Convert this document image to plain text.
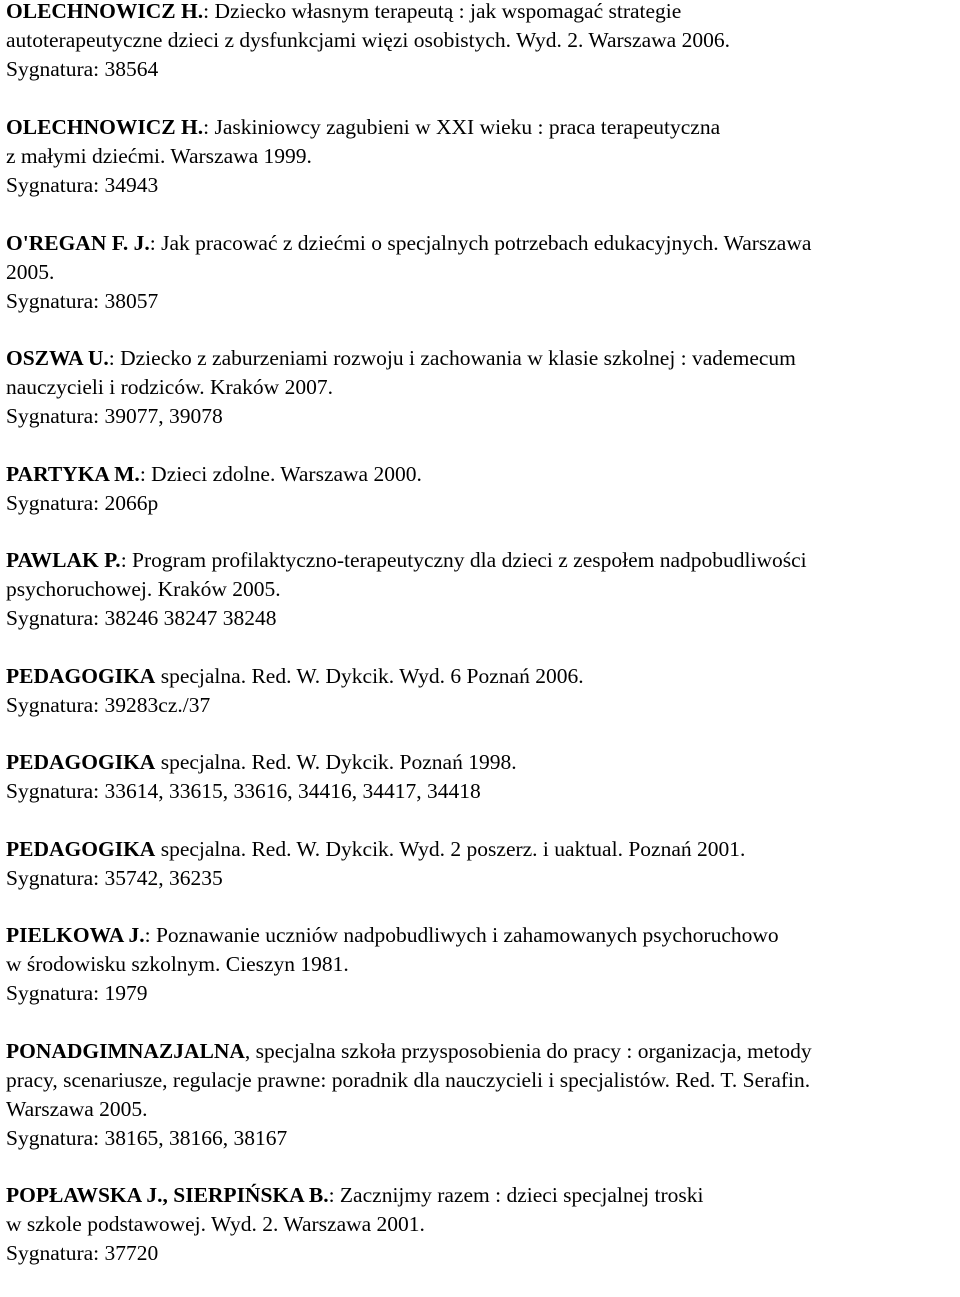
OLECHNOWICZ H.: Dziecko własnym terapeutą : jak wspomagać strategie
autoterapeutyczne dzieci z dysfunkcjami więzi osobistych. Wyd. 2. Warszawa 2006.
Sygnatura: 38564
OLECHNOWICZ H.: Jaskiniowcy zagubieni w XXI wieku : praca terapeutyczna
z małymi dziećmi. Warszawa 1999.
Sygnatura: 34943
O'REGAN F. J.: Jak pracować z dziećmi o specjalnych potrzebach edukacyjnych. Warszawa
2005.
Sygnatura: 38057
OSZWA U.: Dziecko z zaburzeniami rozwoju i zachowania w klasie szkolnej : vademecum
nauczycieli i rodziców. Kraków 2007.
Sygnatura: 39077, 39078
PARTYKA M.: Dzieci zdolne. Warszawa 2000.
Sygnatura: 2066p
PAWLAK P.: Program profilaktyczno-terapeutyczny dla dzieci z zespołem nadpobudliwości
psychoruchowej. Kraków 2005.
Sygnatura: 38246 38247 38248
PEDAGOGIKA specjalna. Red. W. Dykcik. Wyd. 6 Poznań 2006.
Sygnatura: 39283cz./37
PEDAGOGIKA specjalna. Red. W. Dykcik. Poznań 1998.
Sygnatura: 33614, 33615, 33616, 34416, 34417, 34418
PEDAGOGIKA specjalna. Red. W. Dykcik. Wyd. 2 poszerz. i uaktual. Poznań 2001.
Sygnatura: 35742, 36235
PIELKOWA J.: Poznawanie uczniów nadpobudliwych i zahamowanych psychoruchowo
w środowisku szkolnym. Cieszyn 1981.
Sygnatura: 1979
PONADGIMNAZJALNA, specjalna szkoła przysposobienia do pracy : organizacja, metody
pracy, scenariusze, regulacje prawne: poradnik dla nauczycieli i specjalistów. Red. T. Serafin.
Warszawa 2005.
Sygnatura: 38165, 38166, 38167
POPŁAWSKA J., SIERPIŃSKA B.: Zacznijmy razem : dzieci specjalnej troski
w szkole podstawowej. Wyd. 2. Warszawa 2001.
Sygnatura: 37720
